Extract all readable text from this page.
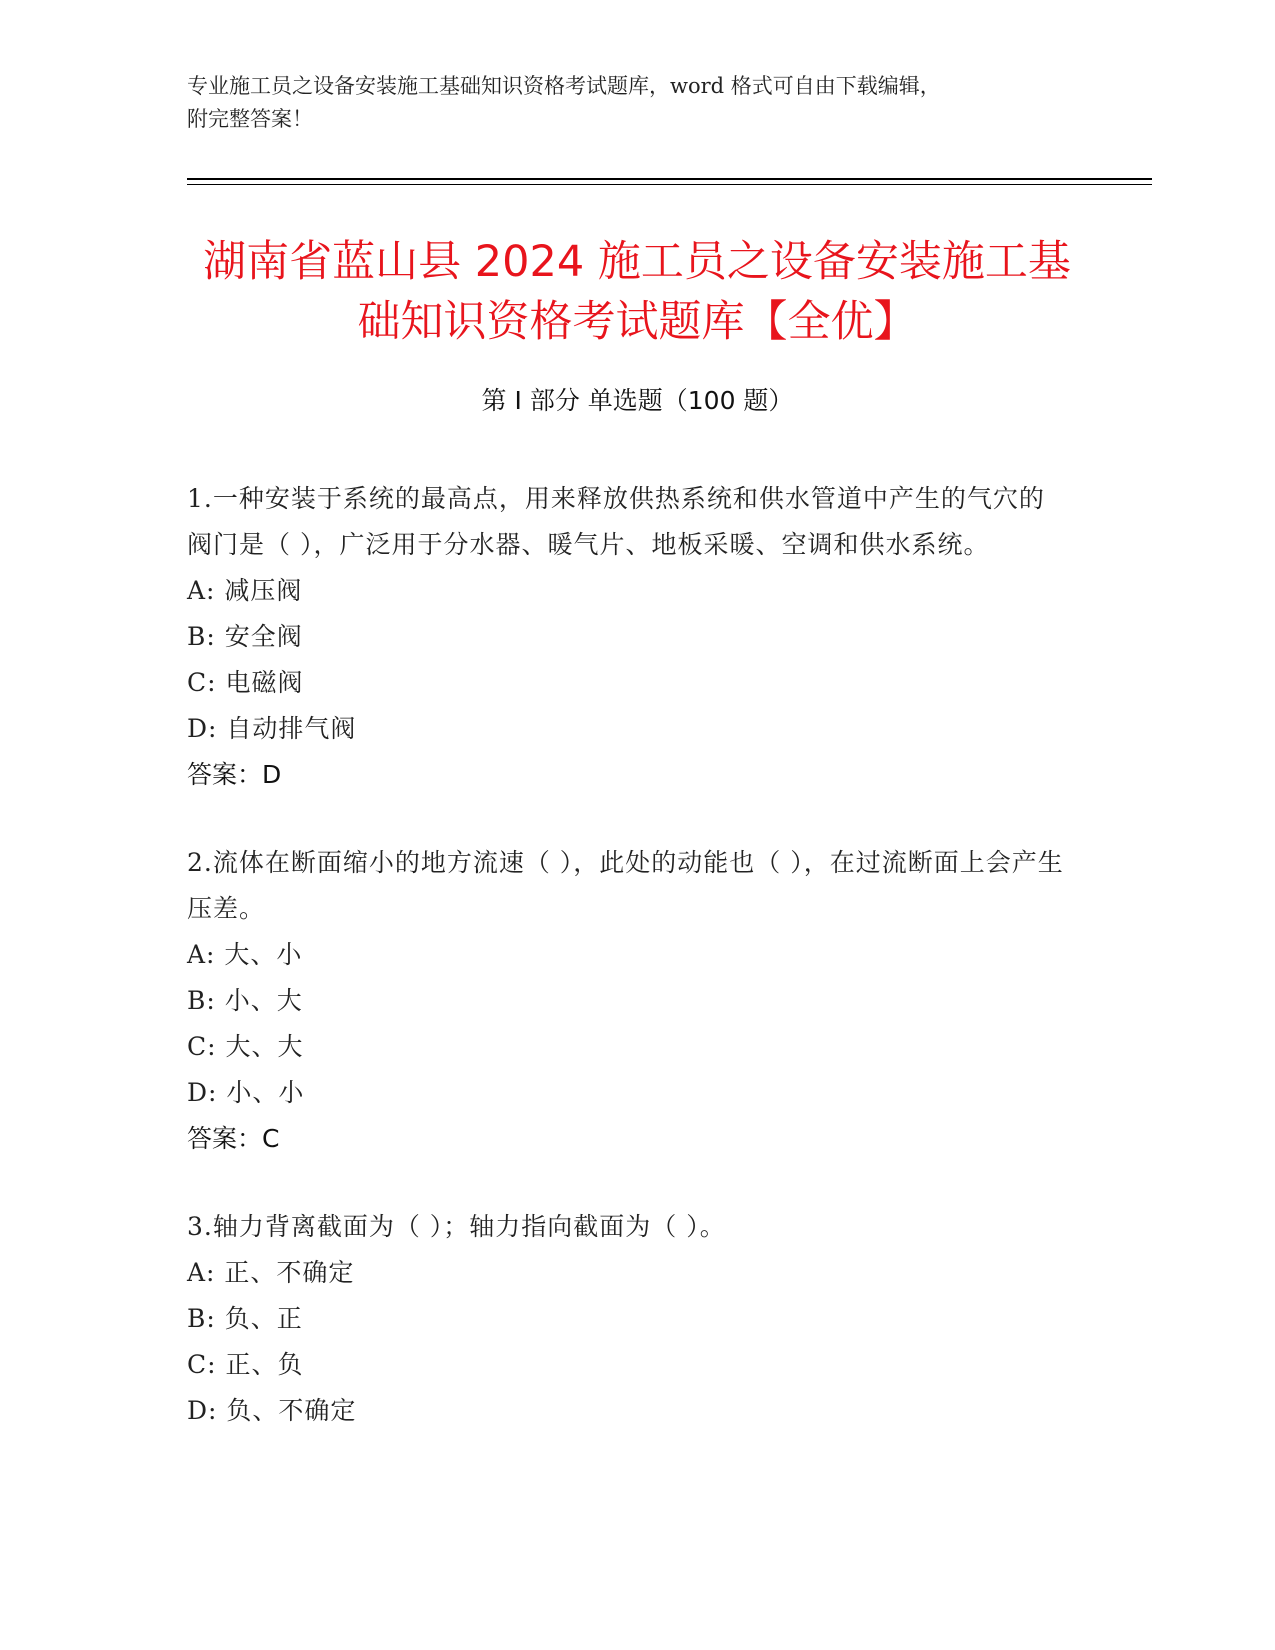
专业施工员之设备安装施工基础知识资格考试题库，word 格式可自由下载编辑，
附完整答案！
湖南省蓝山县 2024 施工员之设备安装施工基
础知识资格考试题库【全优】
第 I 部分 单选题（100 题）
1.一种安装于系统的最高点，用来释放供热系统和供水管道中产生的气穴的阀门是（ ），广泛用于分水器、暖气片、地板采暖、空调和供水系统。
A: 减压阀
B: 安全阀
C: 电磁阀
D: 自动排气阀
答案：D
2.流体在断面缩小的地方流速（ ），此处的动能也（ ），在过流断面上会产生压差。
A: 大、小
B: 小、大
C: 大、大
D: 小、小
答案：C
3.轴力背离截面为（ ）；轴力指向截面为（ ）。
A: 正、不确定
B: 负、正
C: 正、负
D: 负、不确定
